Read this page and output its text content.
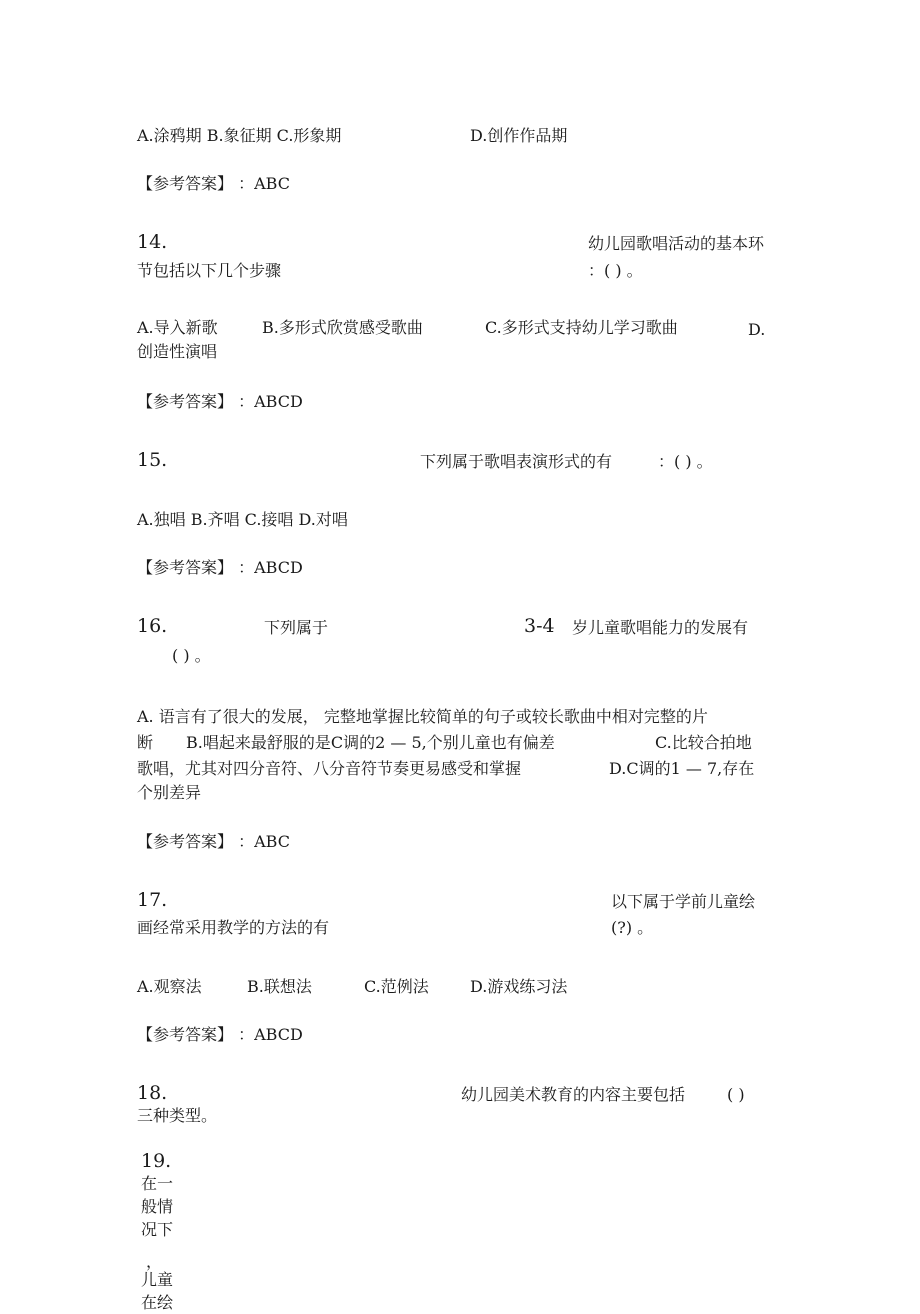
A.涂鸦期 B.象征期 C.形象期	D.创作作品期
【参考答案】 ：ABC
14.	幼儿园歌唱活动的基本环
节包括以下几个步骤	：( ) 。
A.导入新歌	B.多形式欣赏感受歌曲	C.多形式支持幼儿学习歌曲	D.
创造性演唱
【参考答案】 ：ABCD
15.	下列属于歌唱表演形式的有	：( ) 。
A.独唱 B.齐唱 C.接唱 D.对唱
【参考答案】 ：ABCD
16.	下列属于	3-4 岁儿童歌唱能力的发展有
( ) 。
A. 语言有了很大的发展， 完整地掌握比较简单的句子或较长歌曲中相对完整的片
断 B.唱起来最舒服的是C调的2 — 5,个别儿童也有偏差	C.比较合拍地
歌唱，尤其对四分音符、八分音符节奏更易感受和掌握	D.C调的1 — 7,存在
个别差异
【参考答案】 ：ABC
17.	以下属于学前儿童绘
画经常采用教学的方法的有	(?) 。
A.观察法	B.联想法	C.范例法	D.游戏练习法
【参考答案】 ：ABCD
18.	幼儿园美术教育的内容主要包括	( )
三种类型。
19.
在一般情况下
，
儿童在绘
